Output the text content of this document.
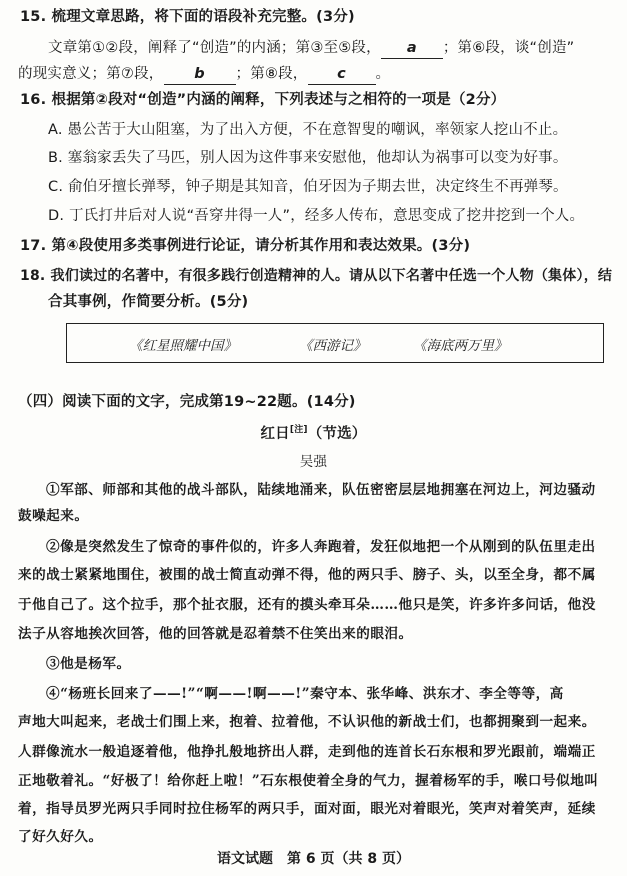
15. 梳理文章思路，将下面的语段补充完整。(3分)
文章第①②段，阐释了“创造”的内涵；第③至⑤段， a ；第⑥段，谈“创造”
的现实意义；第⑦段， b ；第⑧段， c 。
16. 根据第②段对“创造”内涵的阐释，下列表述与之相符的一项是（2分）
A. 愚公苦于大山阻塞，为了出入方便，不在意智叟的嘲讽，率领家人挖山不止。
B. 塞翁家丢失了马匹，别人因为这件事来安慰他，他却认为祸事可以变为好事。
C. 俞伯牙擅长弹琴，钟子期是其知音，伯牙因为子期去世，决定终生不再弹琴。
D. 丁氏打井后对人说“吾穿井得一人”，经多人传布，意思变成了挖井挖到一个人。
17. 第④段使用多类事例进行论证，请分析其作用和表达效果。(3分)
18. 我们读过的名著中，有很多践行创造精神的人。请从以下名著中任选一个人物（集体），结
合其事例，作简要分析。(5分)
《红星照耀中国》	《西游记》	《海底两万里》
（四）阅读下面的文字，完成第19~22题。(14分)
红日[注]（节选）
吴强
①军部、师部和其他的战斗部队，陆续地涌来，队伍密密层层地拥塞在河边上，河边骚动
鼓噪起来。
②像是突然发生了惊奇的事件似的，许多人奔跑着，发狂似地把一个从刚到的队伍里走出
来的战士紧紧地围住，被围的战士简直动弹不得，他的两只手、膀子、头，以至全身，都不属
于他自己了。这个拉手，那个扯衣服，还有的摸头牵耳朵……他只是笑，许多许多问话，他没
法子从容地挨次回答，他的回答就是忍着禁不住笑出来的眼泪。
③他是杨军。
④“杨班长回来了——!”“啊——!啊——!”秦守本、张华峰、洪东才、李全等等，高
声地大叫起来，老战士们围上来，抱着、拉着他，不认识他的新战士们，也都拥聚到一起来。
人群像流水一般追逐着他，他挣扎般地挤出人群，走到他的连首长石东根和罗光跟前，端端正
正地敬着礼。“好极了！给你赶上啦！”石东根使着全身的气力，握着杨军的手，喉口号似地叫
着，指导员罗光两只手同时拉住杨军的两只手，面对面，眼光对着眼光，笑声对着笑声，延续
了好久好久。
语文试题　第 6 页（共 8 页）
